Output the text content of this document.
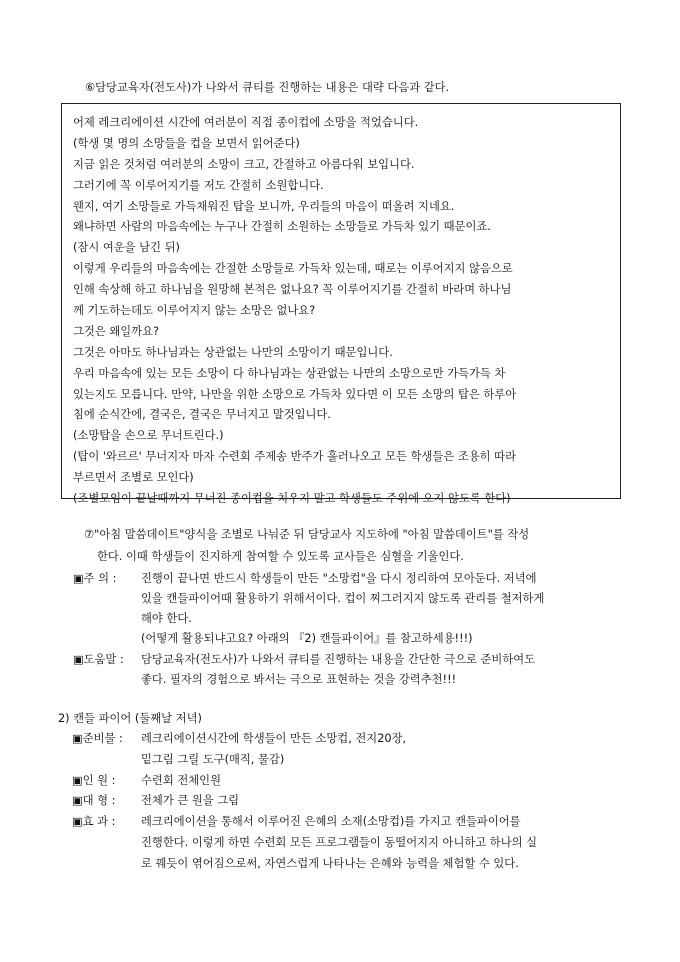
⑥담당교육자(전도사)가 나와서 큐티를 진행하는 내용은 대략 다음과 같다.
어제 레크리에이션 시간에 여러분이 직접 종이컵에 소망을 적었습니다.
(학생 몇 명의 소망들을 컵을 보면서 읽어준다)
지금 읽은 것처럼 여러분의 소망이 크고, 간절하고 아름다워 보입니다.
그러기에 꼭 이루어지기를 저도 간절히 소원합니다.
웬지, 여기 소망들로 가득채워진 탑을 보니까, 우리들의 마음이 떠올려 지네요.
왜냐하면 사람의 마음속에는 누구나 간절히 소원하는 소망들로 가득차 있기 때문이죠.
(잠시 여운을 남긴 뒤)
이렇게 우리들의 마음속에는 간절한 소망들로 가득차 있는데, 때로는 이루어지지 않음으로
인해 속상해 하고 하나님을 원망해 본적은 없나요? 꼭 이루어지기를 간절히 바라며 하나님
께 기도하는데도 이루어지지 않는 소망은 없나요?
그것은 왜일까요?
그것은 아마도 하나님과는 상관없는 나만의 소망이기 때문입니다.
우리 마음속에 있는 모든 소망이 다 하나님과는 상관없는 나만의 소망으로만 가득가득 차
있는지도 모릅니다. 만약, 나만을 위한 소망으로 가득차 있다면 이 모든 소망의 탑은 하루아
침에 순식간에, 결국은, 결국은 무너지고 말것입니다.
(소망탑을 손으로 무너트린다.)
(탑이 '와르르' 무너지자 마자 수련회 주제송 반주가 흘러나오고 모든 학생들은 조용히 따라
부르면서 조별로 모인다)
(조별모임이 끝날때까지 무너진 종이컵을 치우지 말고 학생들도 주위에 오지 않도록 한다)
⑦"아침 말씀데이트"양식을 조별로 나눠준 뒤 담당교사 지도하에 "아침 말씀데이트"를 작성
한다. 이때 학생들이 진지하게 참여할 수 있도록 교사들은 심혈을 기울인다.
▣주 의 : 진행이 끝나면 반드시 학생들이 만든 "소망컵"을 다시 정리하여 모아둔다. 저녁에
있을 캔들파이어때 활용하기 위해서이다. 컵이 찌그러지지 않도록 관리를 철저하게
해야 한다.
(어떻게 활용되냐고요? 아래의 『2) 캔들파이어』를 참고하세용!!!)
▣도움말 : 담당교육자(전도사)가 나와서 큐티를 진행하는 내용을 간단한 극으로 준비하여도
좋다. 필자의 경험으로 봐서는 극으로 표현하는 것을 강력추천!!!
2) 캔들 파이어 (둘째날 저녁)
▣준비물 : 레크리에이션시간에 학생들이 만든 소망컵, 전지20장,
밑그림 그릴 도구(매직, 물감)
▣인 원 : 수련회 전체인원
▣대 형 : 전체가 큰 원을 그림
▣효 과 : 레크리에이션을 통해서 이루어진 은혜의 소재(소망컵)를 가지고 캔들파이어를
진행한다. 이렇게 하면 수련회 모든 프로그램들이 동떨어지지 아니하고 하나의 실
로 꿰듯이 엮어짐으로써, 자연스럽게 나타나는 은혜와 능력을 체험할 수 있다.
